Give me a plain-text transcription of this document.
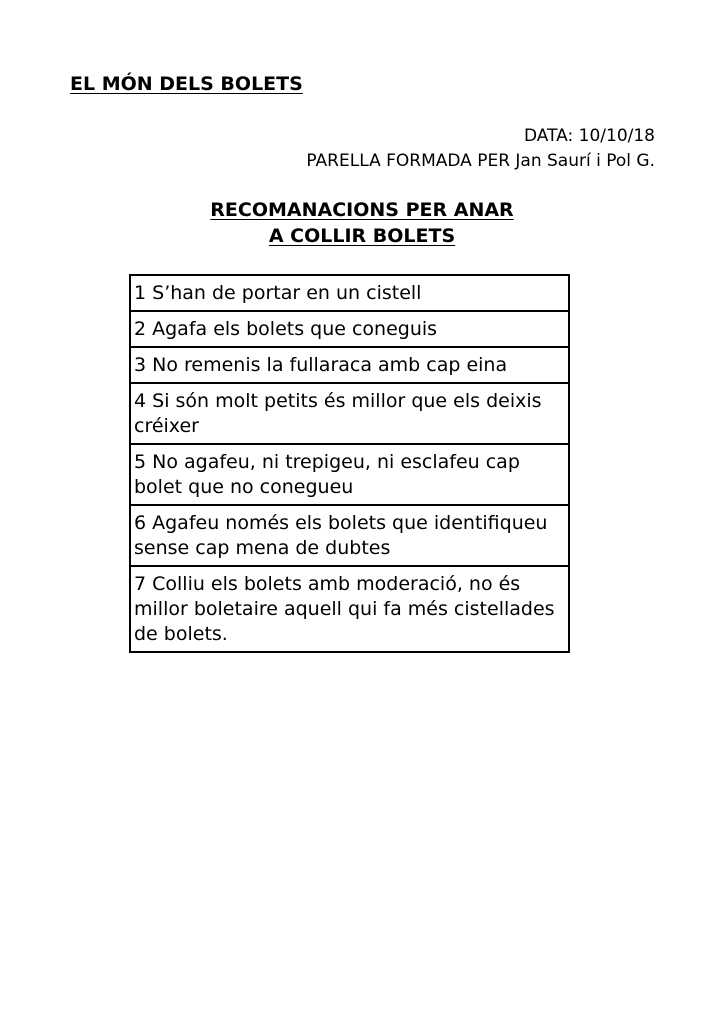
EL MÓN DELS BOLETS
DATA: 10/10/18
PARELLA FORMADA PER Jan Saurí i Pol G.
RECOMANACIONS PER ANAR
A COLLIR BOLETS
1 S’han de portar en un cistell
2 Agafa els bolets que coneguis
3 No remenis la fullaraca amb cap eina
4 Si són molt petits és millor que els deixis créixer
5 No agafeu, ni trepigeu, ni esclafeu cap bolet que no conegueu
6 Agafeu només els bolets que identifiqueu sense cap mena de dubtes
7 Colliu els bolets amb moderació, no és millor boletaire aquell qui fa més cistellades de bolets.
